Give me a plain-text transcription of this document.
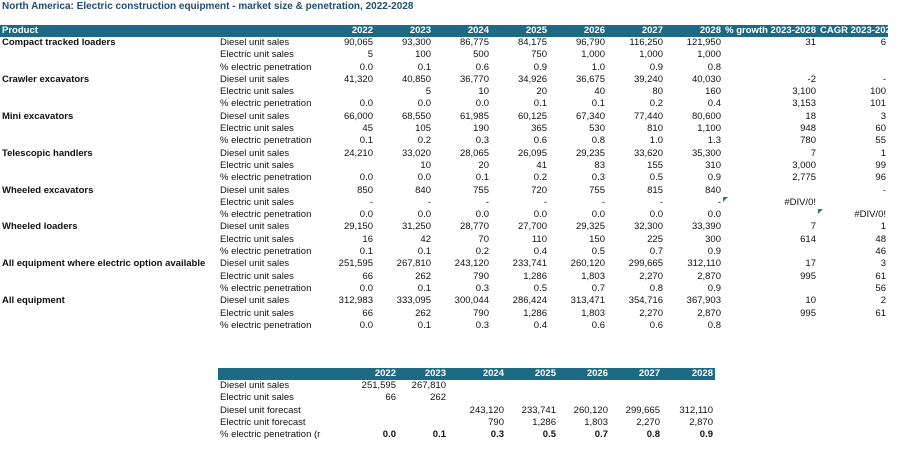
North America: Electric construction equipment - market size & penetration, 2022-2028
Product		2022	2023	2024	2025	2026	2027	2028	% growth 2023-2028	CAGR 2023-2028
Compact tracked loaders	Diesel unit sales	90,065	93,300	86,775	84,175	96,790	116,250	121,950	31	6
	Electric unit sales	5	100	500	750	1,000	1,000	1,000		
	% electric penetration	0.0	0.1	0.6	0.9	1.0	0.9	0.8		
Crawler excavators	Diesel unit sales	41,320	40,850	36,770	34,926	36,675	39,240	40,030	-2	-
	Electric unit sales		5	10	20	40	80	160	3,100	100
	% electric penetration	0.0	0.0	0.0	0.1	0.1	0.2	0.4	3,153	101
Mini excavators	Diesel unit sales	66,000	68,550	61,985	60,125	67,340	77,440	80,600	18	3
	Electric unit sales	45	105	190	365	530	810	1,100	948	60
	% electric penetration	0.1	0.2	0.3	0.6	0.8	1.0	1.3	780	55
Telescopic handlers	Diesel unit sales	24,210	33,020	28,065	26,095	29,235	33,620	35,300	7	1
	Electric unit sales		10	20	41	83	155	310	3,000	99
	% electric penetration	0.0	0.0	0.1	0.2	0.3	0.5	0.9	2,775	96
Wheeled excavators	Diesel unit sales	850	840	755	720	755	815	840		-
	Electric unit sales	-	-	-	-	-	-	-	#DIV/0!	
	% electric penetration	0.0	0.0	0.0	0.0	0.0	0.0	0.0		#DIV/0!
Wheeled loaders	Diesel unit sales	29,150	31,250	28,770	27,700	29,325	32,300	33,390	7	1
	Electric unit sales	16	42	70	110	150	225	300	614	48
	% electric penetration	0.1	0.1	0.2	0.4	0.5	0.7	0.9		46
All equipment where electric option available	Diesel unit sales	251,595	267,810	243,120	233,741	260,120	299,665	312,110	17	3
	Electric unit sales	66	262	790	1,286	1,803	2,270	2,870	995	61
	% electric penetration	0.0	0.1	0.3	0.5	0.7	0.8	0.9		56
All equipment	Diesel unit sales	312,983	333,095	300,044	286,424	313,471	354,716	367,903	10	2
	Electric unit sales	66	262	790	1,286	1,803	2,270	2,870	995	61
	% electric penetration	0.0	0.1	0.3	0.4	0.6	0.6	0.8		
	2022	2023	2024	2025	2026	2027	2028
Diesel unit sales	251,595	267,810					
Electric unit sales	66	262					
Diesel unit forecast			243,120	233,741	260,120	299,665	312,110
Electric unit forecast			790	1,286	1,803	2,270	2,870
% electric penetration (r	0.0	0.1	0.3	0.5	0.7	0.8	0.9
